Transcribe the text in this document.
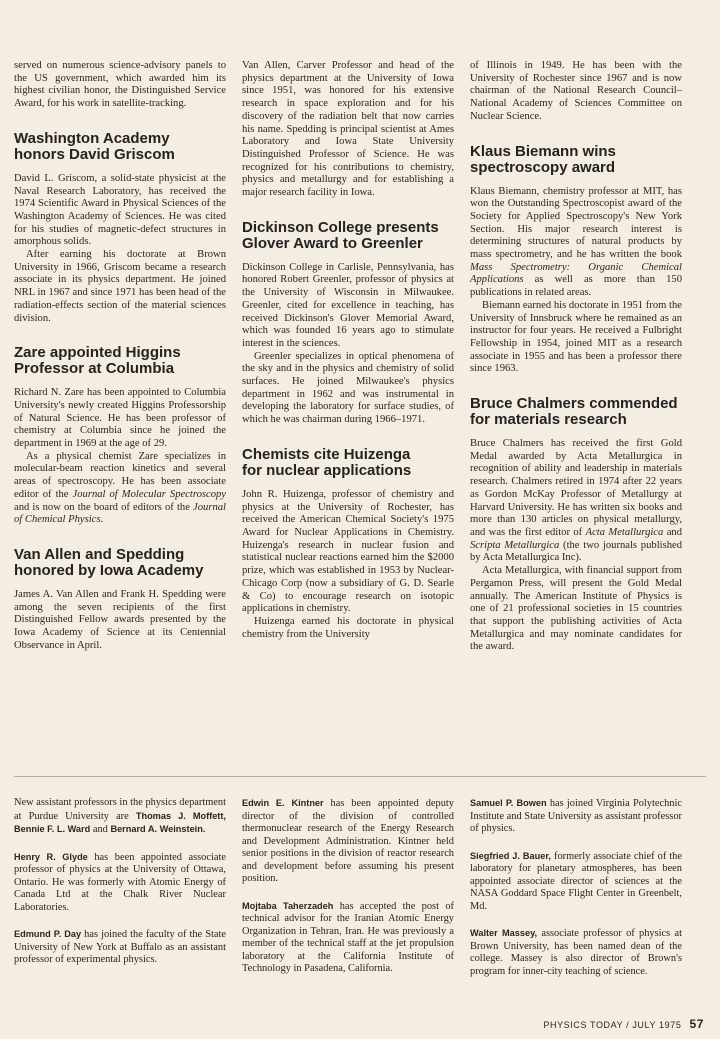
served on numerous science-advisory panels to the US government, which awarded him its highest civilian honor, the Distinguished Service Award, for his work in satellite-tracking.

Washington Academy
honors David Griscom

David L. Griscom, a solid-state physicist at the Naval Research Laboratory, has received the 1974 Scientific Award in Physical Sciences of the Washington Academy of Sciences. He was cited for his studies of magnetic-defect structures in amorphous solids.

After earning his doctorate at Brown University in 1966, Griscom became a research associate in its physics department. He joined NRL in 1967 and since 1971 has been head of the radiation-effects section of the material sciences division.

Zare appointed Higgins
Professor at Columbia

Richard N. Zare has been appointed to Columbia University's newly created Higgins Professorship of Natural Science. He has been professor of chemistry at Columbia since he joined the department in 1969 at the age of 29.

As a physical chemist Zare specializes in molecular-beam reaction kinetics and several areas of spectroscopy. He has been associate editor of the Journal of Molecular Spectroscopy and is now on the board of editors of the Journal of Chemical Physics.

Van Allen and Spedding
honored by Iowa Academy

James A. Van Allen and Frank H. Spedding were among the seven recipients of the first Distinguished Fellow awards presented by the Iowa Academy of Science at its Centennial Observance in April.

Van Allen, Carver Professor and head of the physics department at the University of Iowa since 1951, was honored for his extensive research in space exploration and for his discovery of the radiation belt that now carries his name. Spedding is principal scientist at Ames Laboratory and Iowa State University Distinguished Professor of Science. He was recognized for his contributions to chemistry, physics and metallurgy and for establishing a major research facility in Iowa.

Dickinson College presents
Glover Award to Greenler

Dickinson College in Carlisle, Pennsylvania, has honored Robert Greenler, professor of physics at the University of Wisconsin in Milwaukee. Greenler, cited for excellence in teaching, has received Dickinson's Glover Memorial Award, which was founded 16 years ago to stimulate interest in the sciences.

Greenler specializes in optical phenomena of the sky and in the physics and chemistry of solid surfaces. He joined Milwaukee's physics department in 1962 and was instrumental in developing the laboratory for surface studies, of which he was chairman during 1966–1971.

Chemists cite Huizenga
for nuclear applications

John R. Huizenga, professor of chemistry and physics at the University of Rochester, has received the American Chemical Society's 1975 Award for Nuclear Applications in Chemistry. Huizenga's research in nuclear fusion and statistical nuclear reactions earned him the $2000 prize, which was established in 1953 by Nuclear-Chicago Corp (now a subsidiary of G. D. Searle & Co) to encourage research on isotopic applications in chemistry.

Huizenga earned his doctorate in physical chemistry from the University

of Illinois in 1949. He has been with the University of Rochester since 1967 and is now chairman of the National Research Council–National Academy of Sciences Committee on Nuclear Science.

Klaus Biemann wins
spectroscopy award

Klaus Biemann, chemistry professor at MIT, has won the Outstanding Spectroscopist award of the Society for Applied Spectroscopy's New York Section. His major research interest is determining structures of natural products by mass spectrometry, and he has written the book Mass Spectrometry: Organic Chemical Applications as well as more than 150 publications in related areas.

Biemann earned his doctorate in 1951 from the University of Innsbruck where he remained as an instructor for four years. He received a Fulbright Fellowship in 1954, joined MIT as a research associate in 1955 and has been a professor there since 1963.

Bruce Chalmers commended
for materials research

Bruce Chalmers has received the first Gold Medal awarded by Acta Metallurgica in recognition of ability and leadership in materials research. Chalmers retired in 1974 after 22 years as Gordon McKay Professor of Metallurgy at Harvard University. He has written six books and more than 130 articles on physical metallurgy, and was the first editor of Acta Metallurgica and Scripta Metallurgica (the two journals published by Acta Metallurgica Inc).

Acta Metallurgica, with financial support from Pergamon Press, will present the Gold Medal annually. The American Institute of Physics is one of 21 professional societies in 15 countries that support the publishing activities of Acta Metallurgica and may nominate candidates for the award.

New assistant professors in the physics department at Purdue University are Thomas J. Moffett, Bennie F. L. Ward and Bernard A. Weinstein.

Henry R. Glyde has been appointed associate professor of physics at the University of Ottawa, Ontario. He was formerly with Atomic Energy of Canada Ltd at the Chalk River Nuclear Laboratories.

Edmund P. Day has joined the faculty of the State University of New York at Buffalo as an assistant professor of experimental physics.

Edwin E. Kintner has been appointed deputy director of the division of controlled thermonuclear research of the Energy Research and Development Administration. Kintner held senior positions in the division of reactor research and development before assuming his present position.

Mojtaba Taherzadeh has accepted the post of technical advisor for the Iranian Atomic Energy Organization in Tehran, Iran. He was previously a member of the technical staff at the jet propulsion laboratory at the California Institute of Technology in Pasadena, California.

Samuel P. Bowen has joined Virginia Polytechnic Institute and State University as assistant professor of physics.

Siegfried J. Bauer, formerly associate chief of the laboratory for planetary atmospheres, has been appointed associate director of sciences at the NASA Goddard Space Flight Center in Greenbelt, Md.

Walter Massey, associate professor of physics at Brown University, has been named dean of the college. Massey is also director of Brown's program for inner-city teaching of science.

PHYSICS TODAY / JULY 1975 57
